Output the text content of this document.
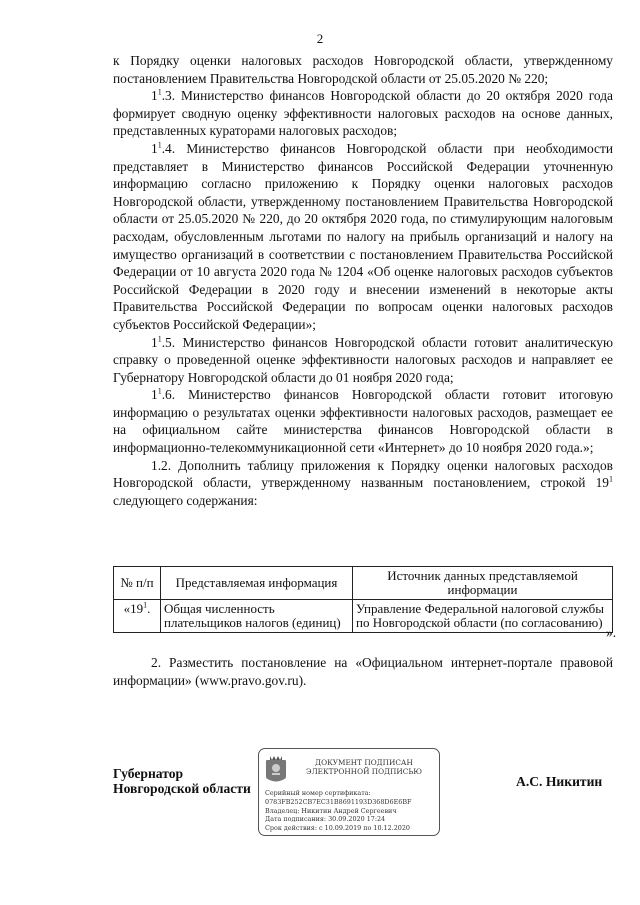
2

к Порядку оценки налоговых расходов Новгородской области, утвержденному постановлением Правительства Новгородской области от 25.05.2020 № 220;

$1^1.3$. Министерство финансов Новгородской области до 20 октября 2020 года формирует сводную оценку эффективности налоговых расходов на основе данных, представленных кураторами налоговых расходов;

$1^1.4$. Министерство финансов Новгородской области при необходимости представляет в Министерство финансов Российской Федерации уточненную информацию согласно приложению к Порядку оценки налоговых расходов Новгородской области, утвержденному постановлением Правительства Новгородской области от 25.05.2020 № 220, до 20 октября 2020 года, по стимулирующим налоговым расходам, обусловленным льготами по налогу на прибыль организаций и налогу на имущество организаций в соответствии с постановлением Правительства Российской Федерации от 10 августа 2020 года № 1204 «Об оценке налоговых расходов субъектов Российской Федерации в 2020 году и внесении изменений в некоторые акты Правительства Российской Федерации по вопросам оценки налоговых расходов субъектов Российской Федерации»;

$1^1.5$. Министерство финансов Новгородской области готовит аналитическую справку о проведенной оценке эффективности налоговых расходов и направляет ее Губернатору Новгородской области до 01 ноября 2020 года;

$1^1.6$. Министерство финансов Новгородской области готовит итоговую информацию о результатах оценки эффективности налоговых расходов, размещает ее на официальном сайте министерства финансов Новгородской области в информационно-телекоммуникационной сети «Интернет» до 10 ноября 2020 года.»;

1.2. Дополнить таблицу приложения к Порядку оценки налоговых расходов Новгородской области, утвержденному названным постановлением, строкой $19^1$ следующего содержания:

№ п/п	Представляемая информация	Источник данных представляемой информации
«$19^1$.	Общая численность плательщиков налогов (единиц)	Управление Федеральной налоговой службы по Новгородской области (по согласованию)
».

2. Разместить постановление на «Официальном интернет-портале правовой информации» (www.pravo.gov.ru).

Губернатор
Новгородской области	А.С. Никитин
ДОКУМЕНТ ПОДПИСАН
ЭЛЕКТРОННОЙ ПОДПИСЬЮ
Серийный номер сертификата:
0783FB252CB7EC31B8691193D368D6E6BF
Владелец: Никитин Андрей Сергеевич
Дата подписания: 30.09.2020 17:24
Срок действия: с 10.09.2019 по 10.12.2020
